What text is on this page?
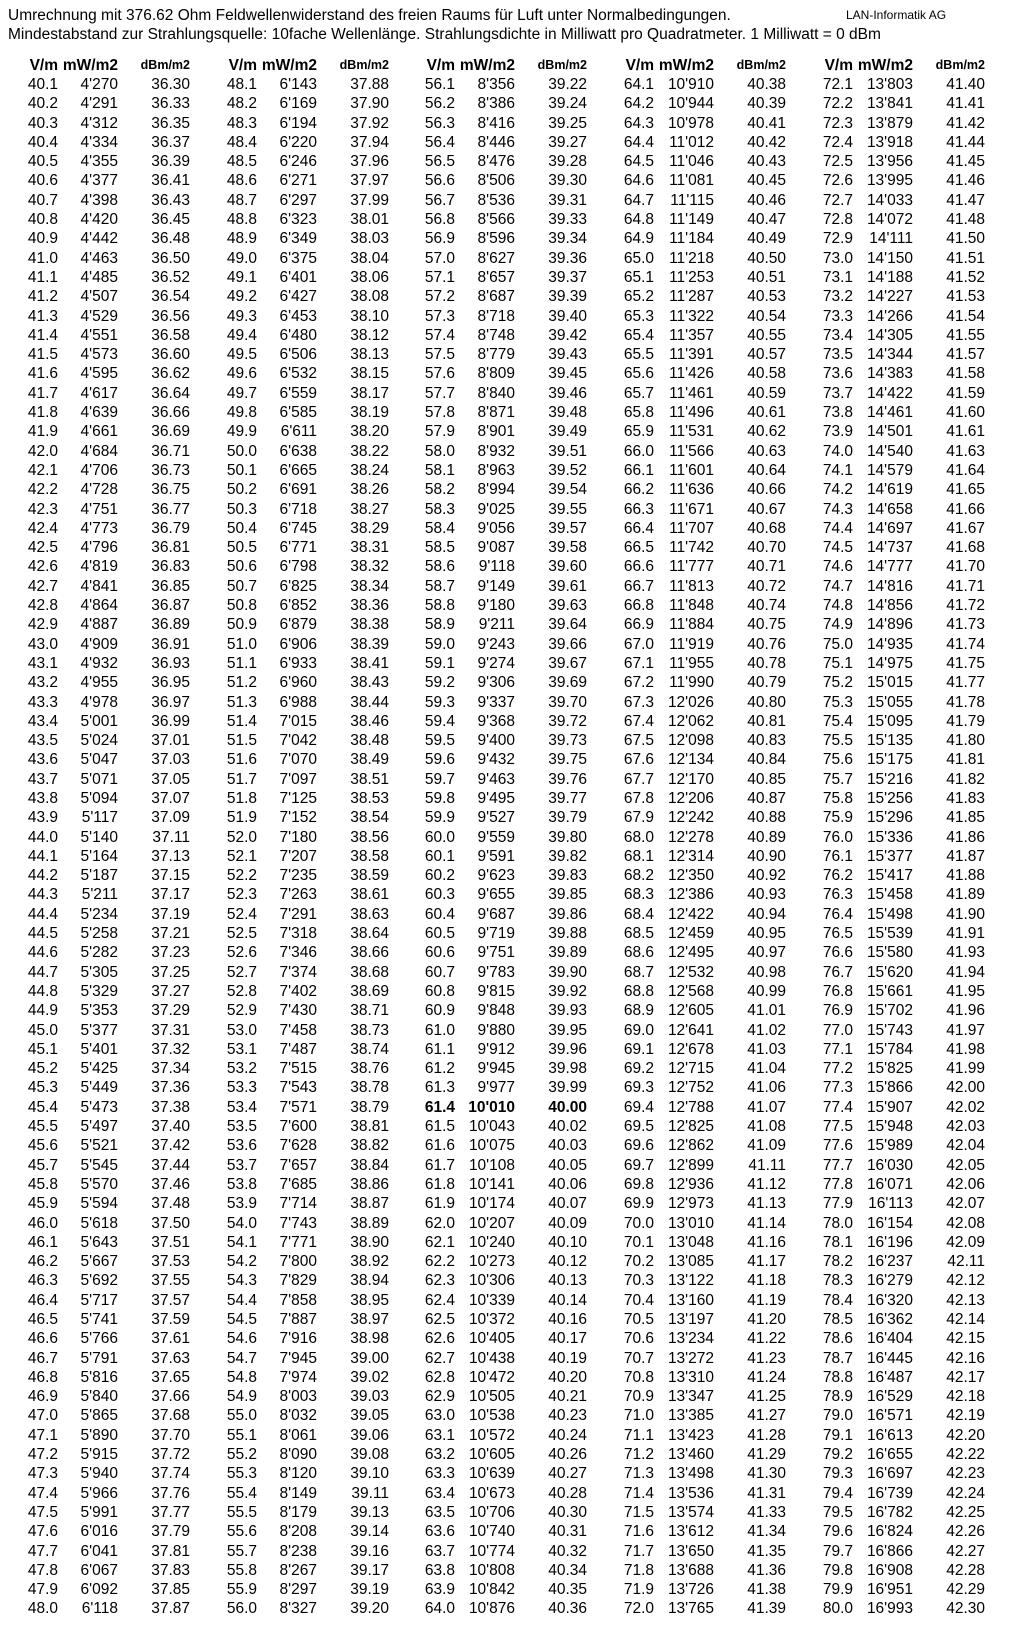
Umrechnung mit 376.62 Ohm Feldwellenwiderstand des freien Raums für Luft unter Normalbedingungen.
Mindestabstand zur Strahlungsquelle: 10fache Wellenlänge. Strahlungsdichte in Milliwatt pro Quadratmeter. 1 Milliwatt = 0 dBm
LAN-Informatik AG
V/m mW/m2 dBm/m2
40.1 4'270 36.30
40.2 4'291 36.33
40.3 4'312 36.35
40.4 4'334 36.37
40.5 4'355 36.39
40.6 4'377 36.41
40.7 4'398 36.43
40.8 4'420 36.45
40.9 4'442 36.48
41.0 4'463 36.50
41.1 4'485 36.52
41.2 4'507 36.54
41.3 4'529 36.56
41.4 4'551 36.58
41.5 4'573 36.60
41.6 4'595 36.62
41.7 4'617 36.64
41.8 4'639 36.66
41.9 4'661 36.69
42.0 4'684 36.71
42.1 4'706 36.73
42.2 4'728 36.75
42.3 4'751 36.77
42.4 4'773 36.79
42.5 4'796 36.81
42.6 4'819 36.83
42.7 4'841 36.85
42.8 4'864 36.87
42.9 4'887 36.89
43.0 4'909 36.91
43.1 4'932 36.93
43.2 4'955 36.95
43.3 4'978 36.97
43.4 5'001 36.99
43.5 5'024 37.01
43.6 5'047 37.03
43.7 5'071 37.05
43.8 5'094 37.07
43.9 5'117 37.09
44.0 5'140 37.11
44.1 5'164 37.13
44.2 5'187 37.15
44.3 5'211 37.17
44.4 5'234 37.19
44.5 5'258 37.21
44.6 5'282 37.23
44.7 5'305 37.25
44.8 5'329 37.27
44.9 5'353 37.29
45.0 5'377 37.31
45.1 5'401 37.32
45.2 5'425 37.34
45.3 5'449 37.36
45.4 5'473 37.38
45.5 5'497 37.40
45.6 5'521 37.42
45.7 5'545 37.44
45.8 5'570 37.46
45.9 5'594 37.48
46.0 5'618 37.50
46.1 5'643 37.51
46.2 5'667 37.53
46.3 5'692 37.55
46.4 5'717 37.57
46.5 5'741 37.59
46.6 5'766 37.61
46.7 5'791 37.63
46.8 5'816 37.65
46.9 5'840 37.66
47.0 5'865 37.68
47.1 5'890 37.70
47.2 5'915 37.72
47.3 5'940 37.74
47.4 5'966 37.76
47.5 5'991 37.77
47.6 6'016 37.79
47.7 6'041 37.81
47.8 6'067 37.83
47.9 6'092 37.85
48.0 6'118 37.87
V/m mW/m2 dBm/m2
48.1 6'143 37.88
48.2 6'169 37.90
48.3 6'194 37.92
48.4 6'220 37.94
48.5 6'246 37.96
48.6 6'271 37.97
48.7 6'297 37.99
48.8 6'323 38.01
48.9 6'349 38.03
49.0 6'375 38.04
49.1 6'401 38.06
49.2 6'427 38.08
49.3 6'453 38.10
49.4 6'480 38.12
49.5 6'506 38.13
49.6 6'532 38.15
49.7 6'559 38.17
49.8 6'585 38.19
49.9 6'611 38.20
50.0 6'638 38.22
50.1 6'665 38.24
50.2 6'691 38.26
50.3 6'718 38.27
50.4 6'745 38.29
50.5 6'771 38.31
50.6 6'798 38.32
50.7 6'825 38.34
50.8 6'852 38.36
50.9 6'879 38.38
51.0 6'906 38.39
51.1 6'933 38.41
51.2 6'960 38.43
51.3 6'988 38.44
51.4 7'015 38.46
51.5 7'042 38.48
51.6 7'070 38.49
51.7 7'097 38.51
51.8 7'125 38.53
51.9 7'152 38.54
52.0 7'180 38.56
52.1 7'207 38.58
52.2 7'235 38.59
52.3 7'263 38.61
52.4 7'291 38.63
52.5 7'318 38.64
52.6 7'346 38.66
52.7 7'374 38.68
52.8 7'402 38.69
52.9 7'430 38.71
53.0 7'458 38.73
53.1 7'487 38.74
53.2 7'515 38.76
53.3 7'543 38.78
53.4 7'571 38.79
53.5 7'600 38.81
53.6 7'628 38.82
53.7 7'657 38.84
53.8 7'685 38.86
53.9 7'714 38.87
54.0 7'743 38.89
54.1 7'771 38.90
54.2 7'800 38.92
54.3 7'829 38.94
54.4 7'858 38.95
54.5 7'887 38.97
54.6 7'916 38.98
54.7 7'945 39.00
54.8 7'974 39.02
54.9 8'003 39.03
55.0 8'032 39.05
55.1 8'061 39.06
55.2 8'090 39.08
55.3 8'120 39.10
55.4 8'149 39.11
55.5 8'179 39.13
55.6 8'208 39.14
55.7 8'238 39.16
55.8 8'267 39.17
55.9 8'297 39.19
56.0 8'327 39.20
V/m mW/m2 dBm/m2
56.1 8'356 39.22
56.2 8'386 39.24
56.3 8'416 39.25
56.4 8'446 39.27
56.5 8'476 39.28
56.6 8'506 39.30
56.7 8'536 39.31
56.8 8'566 39.33
56.9 8'596 39.34
57.0 8'627 39.36
57.1 8'657 39.37
57.2 8'687 39.39
57.3 8'718 39.40
57.4 8'748 39.42
57.5 8'779 39.43
57.6 8'809 39.45
57.7 8'840 39.46
57.8 8'871 39.48
57.9 8'901 39.49
58.0 8'932 39.51
58.1 8'963 39.52
58.2 8'994 39.54
58.3 9'025 39.55
58.4 9'056 39.57
58.5 9'087 39.58
58.6 9'118 39.60
58.7 9'149 39.61
58.8 9'180 39.63
58.9 9'211 39.64
59.0 9'243 39.66
59.1 9'274 39.67
59.2 9'306 39.69
59.3 9'337 39.70
59.4 9'368 39.72
59.5 9'400 39.73
59.6 9'432 39.75
59.7 9'463 39.76
59.8 9'495 39.77
59.9 9'527 39.79
60.0 9'559 39.80
60.1 9'591 39.82
60.2 9'623 39.83
60.3 9'655 39.85
60.4 9'687 39.86
60.5 9'719 39.88
60.6 9'751 39.89
60.7 9'783 39.90
60.8 9'815 39.92
60.9 9'848 39.93
61.0 9'880 39.95
61.1 9'912 39.96
61.2 9'945 39.98
61.3 9'977 39.99
61.4 10'010 40.00
61.5 10'043 40.02
61.6 10'075 40.03
61.7 10'108 40.05
61.8 10'141 40.06
61.9 10'174 40.07
62.0 10'207 40.09
62.1 10'240 40.10
62.2 10'273 40.12
62.3 10'306 40.13
62.4 10'339 40.14
62.5 10'372 40.16
62.6 10'405 40.17
62.7 10'438 40.19
62.8 10'472 40.20
62.9 10'505 40.21
63.0 10'538 40.23
63.1 10'572 40.24
63.2 10'605 40.26
63.3 10'639 40.27
63.4 10'673 40.28
63.5 10'706 40.30
63.6 10'740 40.31
63.7 10'774 40.32
63.8 10'808 40.34
63.9 10'842 40.35
64.0 10'876 40.36
V/m mW/m2 dBm/m2
64.1 10'910 40.38
64.2 10'944 40.39
64.3 10'978 40.41
64.4 11'012 40.42
64.5 11'046 40.43
64.6 11'081 40.45
64.7 11'115 40.46
64.8 11'149 40.47
64.9 11'184 40.49
65.0 11'218 40.50
65.1 11'253 40.51
65.2 11'287 40.53
65.3 11'322 40.54
65.4 11'357 40.55
65.5 11'391 40.57
65.6 11'426 40.58
65.7 11'461 40.59
65.8 11'496 40.61
65.9 11'531 40.62
66.0 11'566 40.63
66.1 11'601 40.64
66.2 11'636 40.66
66.3 11'671 40.67
66.4 11'707 40.68
66.5 11'742 40.70
66.6 11'777 40.71
66.7 11'813 40.72
66.8 11'848 40.74
66.9 11'884 40.75
67.0 11'919 40.76
67.1 11'955 40.78
67.2 11'990 40.79
67.3 12'026 40.80
67.4 12'062 40.81
67.5 12'098 40.83
67.6 12'134 40.84
67.7 12'170 40.85
67.8 12'206 40.87
67.9 12'242 40.88
68.0 12'278 40.89
68.1 12'314 40.90
68.2 12'350 40.92
68.3 12'386 40.93
68.4 12'422 40.94
68.5 12'459 40.95
68.6 12'495 40.97
68.7 12'532 40.98
68.8 12'568 40.99
68.9 12'605 41.01
69.0 12'641 41.02
69.1 12'678 41.03
69.2 12'715 41.04
69.3 12'752 41.06
69.4 12'788 41.07
69.5 12'825 41.08
69.6 12'862 41.09
69.7 12'899 41.11
69.8 12'936 41.12
69.9 12'973 41.13
70.0 13'010 41.14
70.1 13'048 41.16
70.2 13'085 41.17
70.3 13'122 41.18
70.4 13'160 41.19
70.5 13'197 41.20
70.6 13'234 41.22
70.7 13'272 41.23
70.8 13'310 41.24
70.9 13'347 41.25
71.0 13'385 41.27
71.1 13'423 41.28
71.2 13'460 41.29
71.3 13'498 41.30
71.4 13'536 41.31
71.5 13'574 41.33
71.6 13'612 41.34
71.7 13'650 41.35
71.8 13'688 41.36
71.9 13'726 41.38
72.0 13'765 41.39
V/m mW/m2 dBm/m2
72.1 13'803 41.40
72.2 13'841 41.41
72.3 13'879 41.42
72.4 13'918 41.44
72.5 13'956 41.45
72.6 13'995 41.46
72.7 14'033 41.47
72.8 14'072 41.48
72.9 14'111 41.50
73.0 14'150 41.51
73.1 14'188 41.52
73.2 14'227 41.53
73.3 14'266 41.54
73.4 14'305 41.55
73.5 14'344 41.57
73.6 14'383 41.58
73.7 14'422 41.59
73.8 14'461 41.60
73.9 14'501 41.61
74.0 14'540 41.63
74.1 14'579 41.64
74.2 14'619 41.65
74.3 14'658 41.66
74.4 14'697 41.67
74.5 14'737 41.68
74.6 14'777 41.70
74.7 14'816 41.71
74.8 14'856 41.72
74.9 14'896 41.73
75.0 14'935 41.74
75.1 14'975 41.75
75.2 15'015 41.77
75.3 15'055 41.78
75.4 15'095 41.79
75.5 15'135 41.80
75.6 15'175 41.81
75.7 15'216 41.82
75.8 15'256 41.83
75.9 15'296 41.85
76.0 15'336 41.86
76.1 15'377 41.87
76.2 15'417 41.88
76.3 15'458 41.89
76.4 15'498 41.90
76.5 15'539 41.91
76.6 15'580 41.93
76.7 15'620 41.94
76.8 15'661 41.95
76.9 15'702 41.96
77.0 15'743 41.97
77.1 15'784 41.98
77.2 15'825 41.99
77.3 15'866 42.00
77.4 15'907 42.02
77.5 15'948 42.03
77.6 15'989 42.04
77.7 16'030 42.05
77.8 16'071 42.06
77.9 16'113 42.07
78.0 16'154 42.08
78.1 16'196 42.09
78.2 16'237 42.11
78.3 16'279 42.12
78.4 16'320 42.13
78.5 16'362 42.14
78.6 16'404 42.15
78.7 16'445 42.16
78.8 16'487 42.17
78.9 16'529 42.18
79.0 16'571 42.19
79.1 16'613 42.20
79.2 16'655 42.22
79.3 16'697 42.23
79.4 16'739 42.24
79.5 16'782 42.25
79.6 16'824 42.26
79.7 16'866 42.27
79.8 16'908 42.28
79.9 16'951 42.29
80.0 16'993 42.30
